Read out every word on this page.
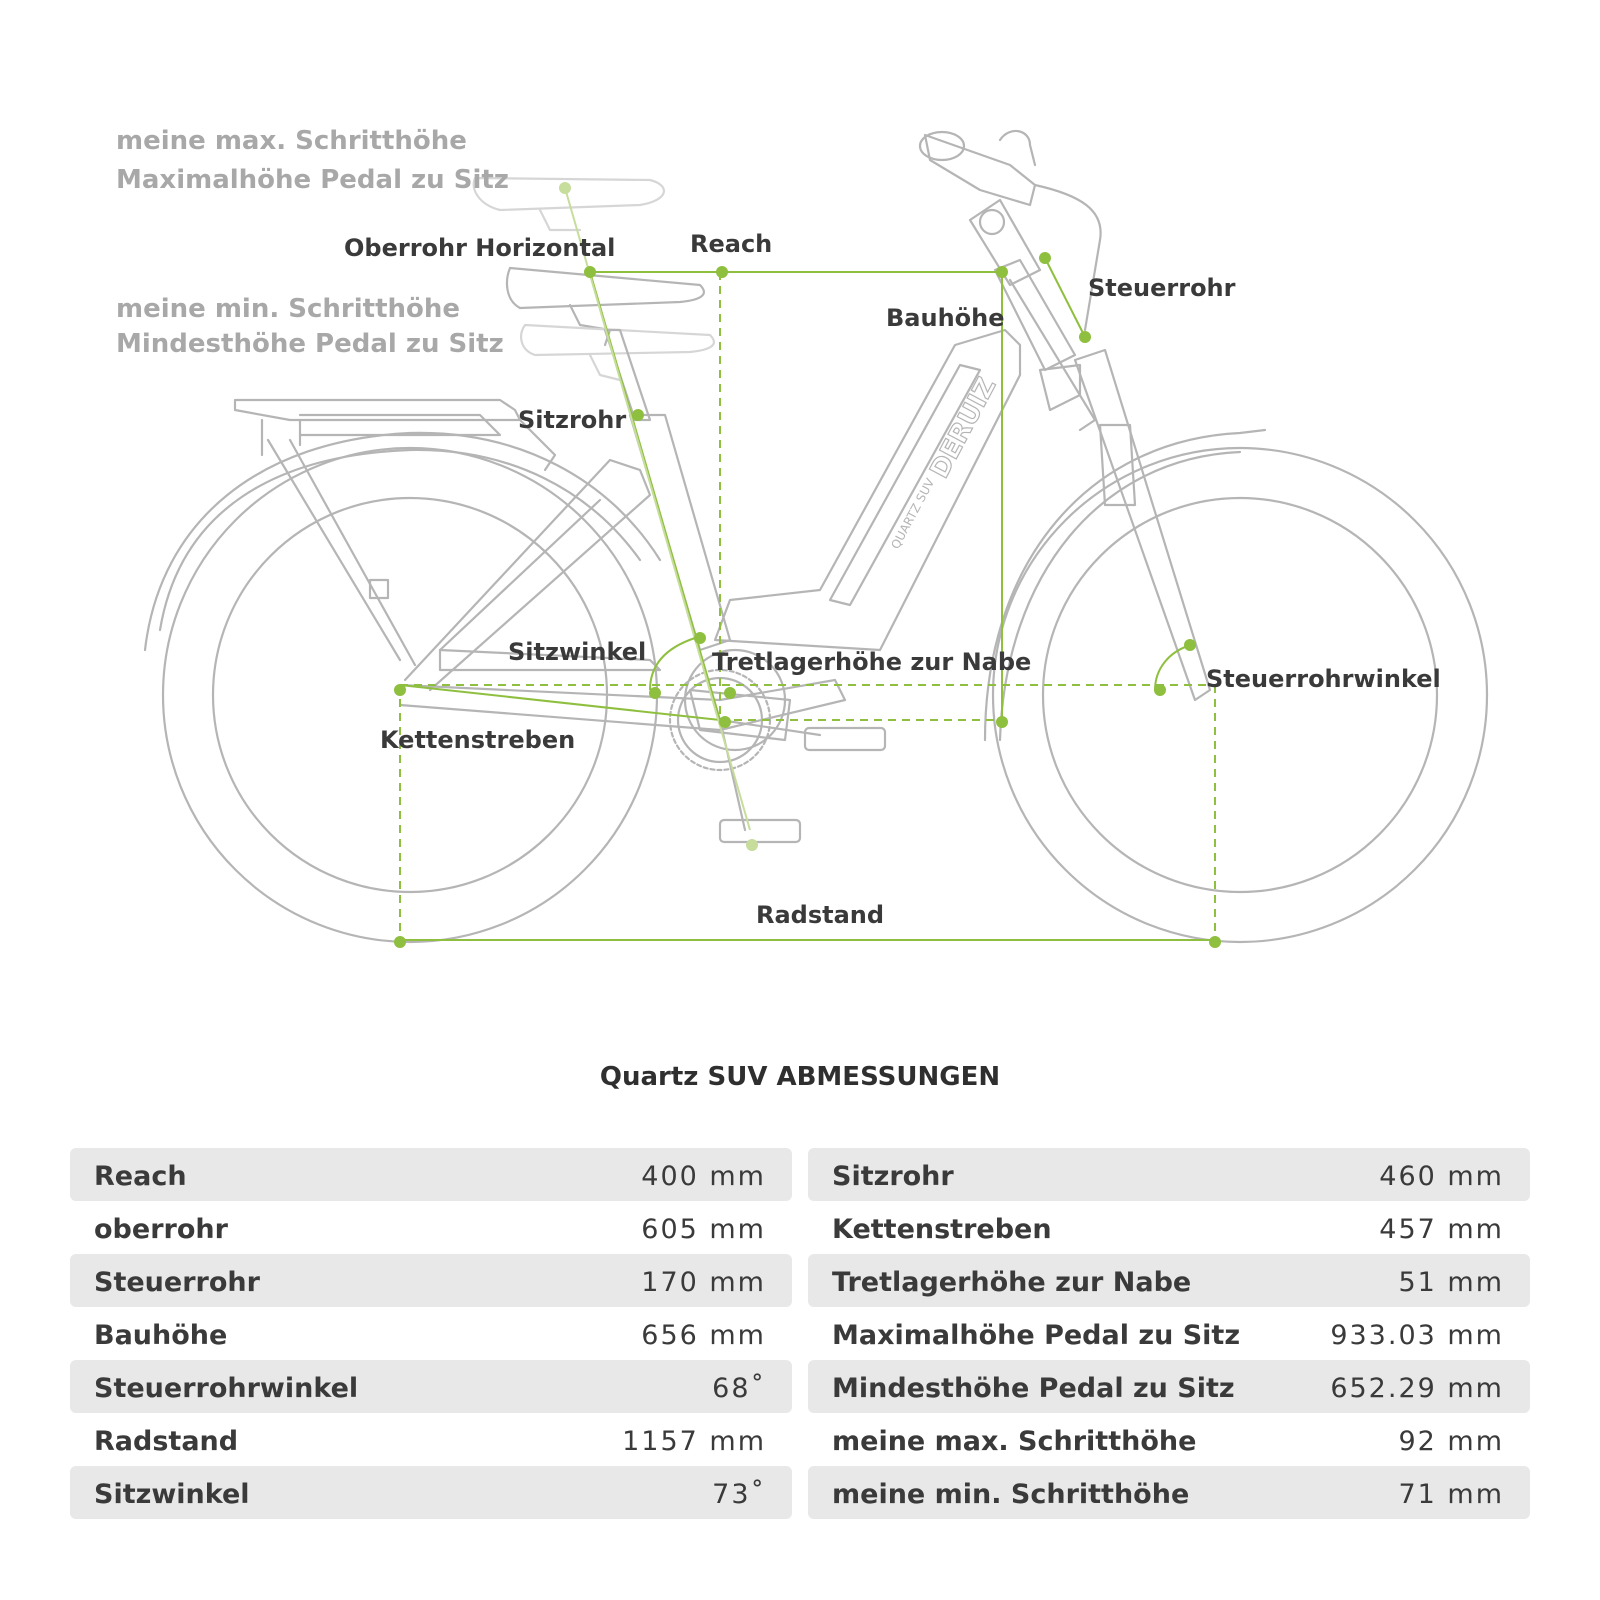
DERUIZ
QUARTZ SUV
meine max. Schritthöhe
Maximalhöhe Pedal zu Sitz
Oberrohr Horizontal	Reach
meine min. Schritthöhe
Mindesthöhe Pedal zu Sitz
Steuerrohr
Bauhöhe
Sitzrohr
Sitzwinkel	Tretlagerhöhe zur Nabe
Steuerrohrwinkel
Kettenstreben
Radstand
Quartz SUV ABMESSUNGEN
Reach	400 mm
oberrohr	605 mm
Steuerrohr	170 mm
Bauhöhe	656 mm
Steuerrohrwinkel	68˚
Radstand	1157 mm
Sitzwinkel	73˚
Sitzrohr	460 mm
Kettenstreben	457 mm
Tretlagerhöhe zur Nabe	51 mm
Maximalhöhe Pedal zu Sitz	933.03 mm
Mindesthöhe Pedal zu Sitz	652.29 mm
meine max. Schritthöhe	92 mm
meine min. Schritthöhe	71 mm
